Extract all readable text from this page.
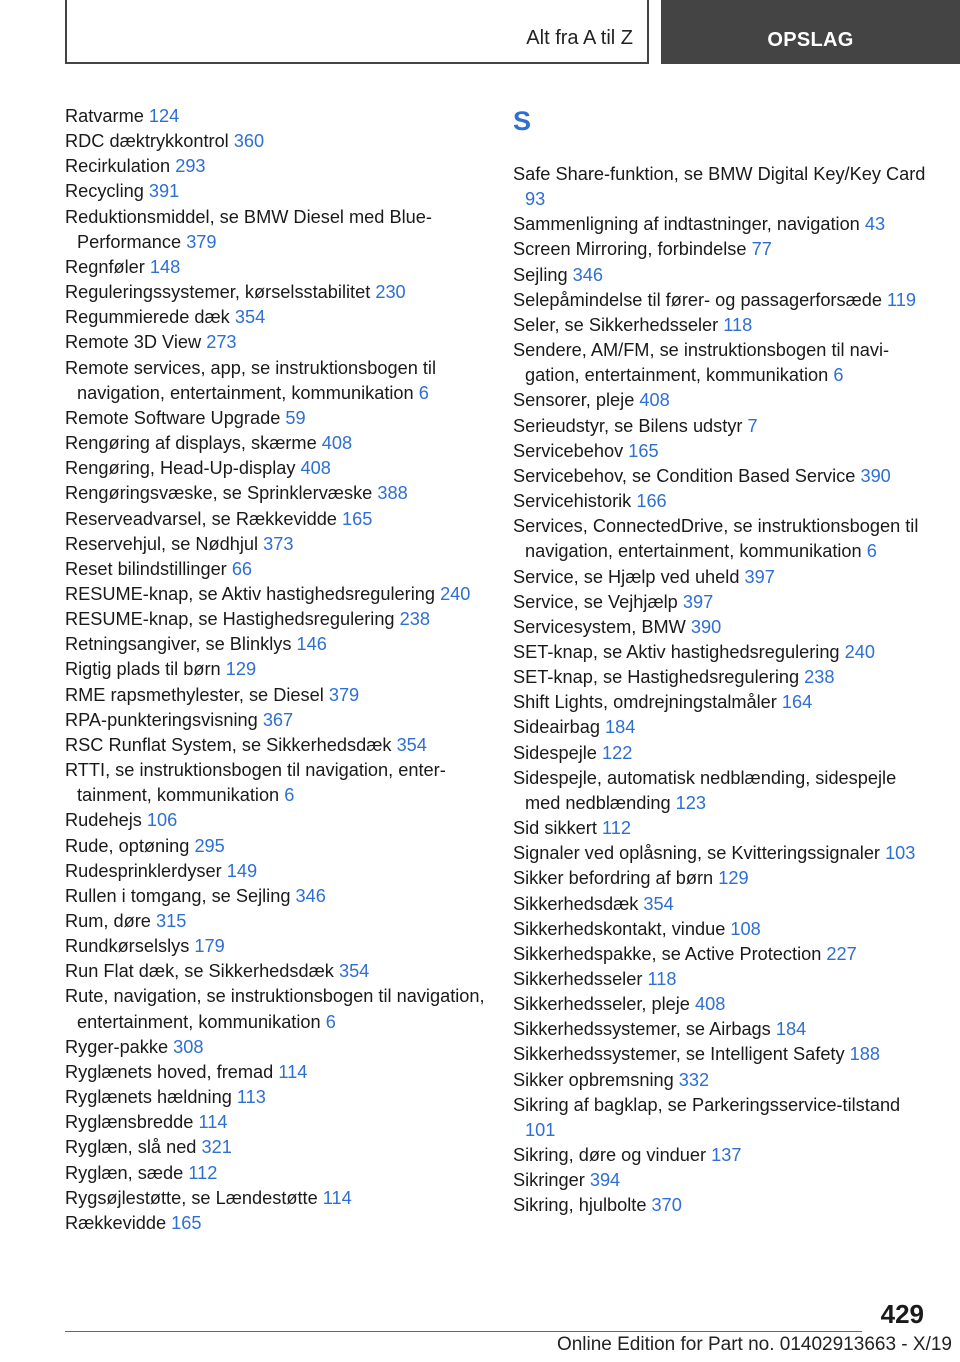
Alt fra A til Z	OPSLAG

Ratvarme 124

RDC dæktrykkontrol 360

Recirkulation 293

Recycling 391

Reduktionsmiddel, se BMW Diesel med BluePerformance 379

Regnføler 148

Reguleringssystemer, kørselsstabilitet 230

Regummierede dæk 354

Remote 3D View 273

Remote services, app, se instruktionsbogen til navigation, entertainment, kommunikation 6

Remote Software Upgrade 59

Rengøring af displays, skærme 408

Rengøring, Head-Up-display 408

Rengøringsvæske, se Sprinklervæske 388

Reserveadvarsel, se Rækkevidde 165

Reservehjul, se Nødhjul 373

Reset bilindstillinger 66

RESUME-knap, se Aktiv hastighedsregulering 240

RESUME-knap, se Hastighedsregulering 238

Retningsangiver, se Blinklys 146

Rigtig plads til børn 129

RME rapsmethylester, se Diesel 379

RPA-punkteringsvisning 367

RSC Runflat System, se Sikkerhedsdæk 354

RTTI, se instruktionsbogen til navigation, entertainment, kommunikation 6

Rudehejs 106

Rude, optøning 295

Rudesprinklerdyser 149

Rullen i tomgang, se Sejling 346

Rum, døre 315

Rundkørselslys 179

Run Flat dæk, se Sikkerhedsdæk 354

Rute, navigation, se instruktionsbogen til navigation, entertainment, kommunikation 6

Ryger-pakke 308

Ryglænets hoved, fremad 114

Ryglænets hældning 113

Ryglænsbredde 114

Ryglæn, slå ned 321

Ryglæn, sæde 112

Rygsøjlestøtte, se Lændestøtte 114

Rækkevidde 165

S

Safe Share-funktion, se BMW Digital Key/Key Card 93

Sammenligning af indtastninger, navigation 43

Screen Mirroring, forbindelse 77

Sejling 346

Selepåmindelse til fører- og passagerforsæde 119

Seler, se Sikkerhedsseler 118

Sendere, AM/FM, se instruktionsbogen til navigation, entertainment, kommunikation 6

Sensorer, pleje 408

Serieudstyr, se Bilens udstyr 7

Servicebehov 165

Servicebehov, se Condition Based Service 390

Servicehistorik 166

Services, ConnectedDrive, se instruktionsbogen til navigation, entertainment, kommunikation 6

Service, se Hjælp ved uheld 397

Service, se Vejhjælp 397

Servicesystem, BMW 390

SET-knap, se Aktiv hastighedsregulering 240

SET-knap, se Hastighedsregulering 238

Shift Lights, omdrejningstalmåler 164

Sideairbag 184

Sidespejle 122

Sidespejle, automatisk nedblænding, sidespejle med nedblænding 123

Sid sikkert 112

Signaler ved oplåsning, se Kvitteringssignaler 103

Sikker befordring af børn 129

Sikkerhedsdæk 354

Sikkerhedskontakt, vindue 108

Sikkerhedspakke, se Active Protection 227

Sikkerhedsseler 118

Sikkerhedsseler, pleje 408

Sikkerhedssystemer, se Airbags 184

Sikkerhedssystemer, se Intelligent Safety 188

Sikker opbremsning 332

Sikring af bagklap, se Parkeringsservice-tilstand 101

Sikring, døre og vinduer 137

Sikringer 394

Sikring, hjulbolte 370

429
Online Edition for Part no. 01402913663 - X/19
